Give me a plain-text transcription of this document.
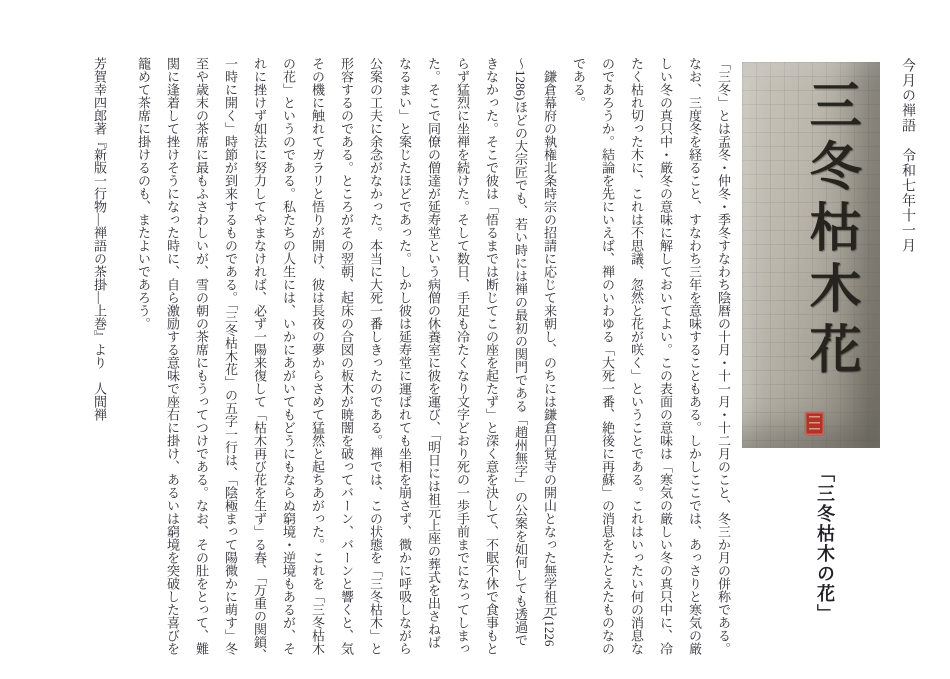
今月の禅語　令和七年十一月
三冬枯木花
「三冬枯木の花」
「三冬」とは孟冬・仲冬・季冬すなわち陰暦の十月・十一月・十二月のこと、冬三か月の併称である。
なお、三度冬を経ること、すなわち三年を意味することもある。しかしここでは、あっさりと寒気の厳
しい冬の真只中・厳冬の意味に解しておいてよい。この表面の意味は「寒気の厳しい冬の真只中に、冷
たく枯れ切った木に、これは不思議、忽然と花が咲く」ということである。これはいったい何の消息な
のであろうか。結論を先にいえば、禅のいわゆる「大死一番、絶後に再蘇」の消息をたとえたものなの
である。
鎌倉幕府の執権北条時宗の招請に応じて来朝し、のちには鎌倉円覚寺の開山となった無学祖元(1226
～1286)ほどの大宗匠でも、若い時には禅の最初の関門である「趙州無字」の公案を如何しても透過で
きなかった。そこで彼は「悟るまでは断じてこの座を起たず」と深く意を決して、不眠不休で食事もと
らず猛烈に坐禅を続けた。そして数日、手足も冷たくなり文字どおり死の一歩手前までになってしまっ
た。そこで同僚の僧達が延寿堂という病僧の休養室に彼を運び、「明日には祖元上座の葬式を出さねば
なるまい」と案じたほどであった。しかし彼は延寿堂に運ばれても坐相を崩さず、微かに呼吸しながら
公案の工夫に余念がなかった。本当に大死一番しきったのである。禅では、この状態を「三冬枯木」と
形容するのである。ところがその翌朝、起床の合図の板木が暁闇を破ってバーン、バーンと響くと、気
その機に触れてガラリと悟りが開け、彼は長夜の夢からさめて猛然と起ちあがった。これを「三冬枯木
の花」というのである。私たちの人生には、いかにあがいてもどうにもならぬ窮境・逆境もあるが、そ
れに挫けず如法に努力してやまなければ、必ず一陽来復して「枯木再び花を生ず」る春、「万重の関鎖、
一時に開く」時節が到来するものである。「三冬枯木花」の五字一行は、「陰極まって陽微かに萌す」冬
至や歳末の茶席に最もふさわしいが、雪の朝の茶席にもうってつけである。なお、その肚をとって、難
関に逢着して挫けそうになった時に、自ら激励する意味で座右に掛け、あるいは窮境を突破した喜びを
籠めて茶席に掛けるのも、またよいであろう。
芳賀幸四郎著『新版一行物―禅語の茶掛―上巻』より　人間禅
